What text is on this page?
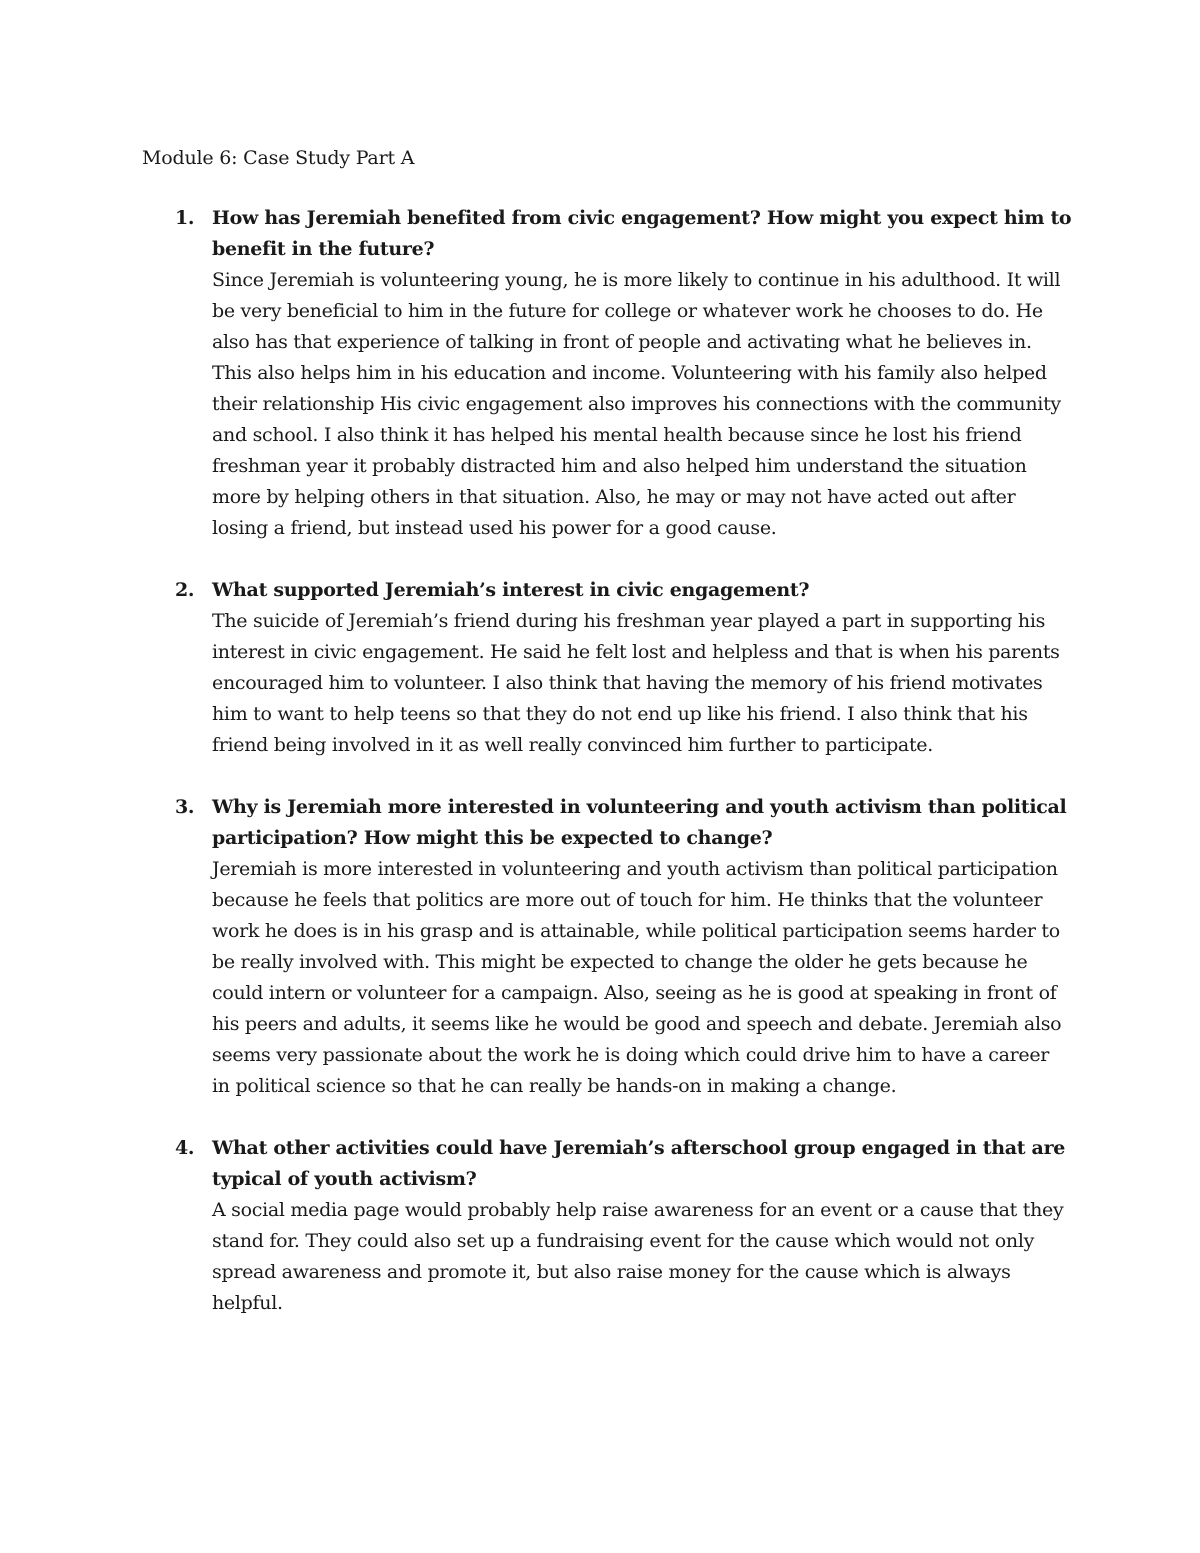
Module 6: Case Study Part A
1. How has Jeremiah benefited from civic engagement? How might you expect him to benefit in the future?

Since Jeremiah is volunteering young, he is more likely to continue in his adulthood. It will be very beneficial to him in the future for college or whatever work he chooses to do. He also has that experience of talking in front of people and activating what he believes in. This also helps him in his education and income. Volunteering with his family also helped their relationship His civic engagement also improves his connections with the community and school. I also think it has helped his mental health because since he lost his friend freshman year it probably distracted him and also helped him understand the situation more by helping others in that situation. Also, he may or may not have acted out after losing a friend, but instead used his power for a good cause.

2. What supported Jeremiah’s interest in civic engagement?

The suicide of Jeremiah’s friend during his freshman year played a part in supporting his interest in civic engagement. He said he felt lost and helpless and that is when his parents encouraged him to volunteer. I also think that having the memory of his friend motivates him to want to help teens so that they do not end up like his friend. I also think that his friend being involved in it as well really convinced him further to participate.

3. Why is Jeremiah more interested in volunteering and youth activism than political participation? How might this be expected to change?

Jeremiah is more interested in volunteering and youth activism than political participation because he feels that politics are more out of touch for him. He thinks that the volunteer work he does is in his grasp and is attainable, while political participation seems harder to be really involved with. This might be expected to change the older he gets because he could intern or volunteer for a campaign. Also, seeing as he is good at speaking in front of his peers and adults, it seems like he would be good and speech and debate. Jeremiah also seems very passionate about the work he is doing which could drive him to have a career in political science so that he can really be hands-on in making a change.

4. What other activities could have Jeremiah’s afterschool group engaged in that are typical of youth activism?

A social media page would probably help raise awareness for an event or a cause that they stand for. They could also set up a fundraising event for the cause which would not only spread awareness and promote it, but also raise money for the cause which is always helpful.
